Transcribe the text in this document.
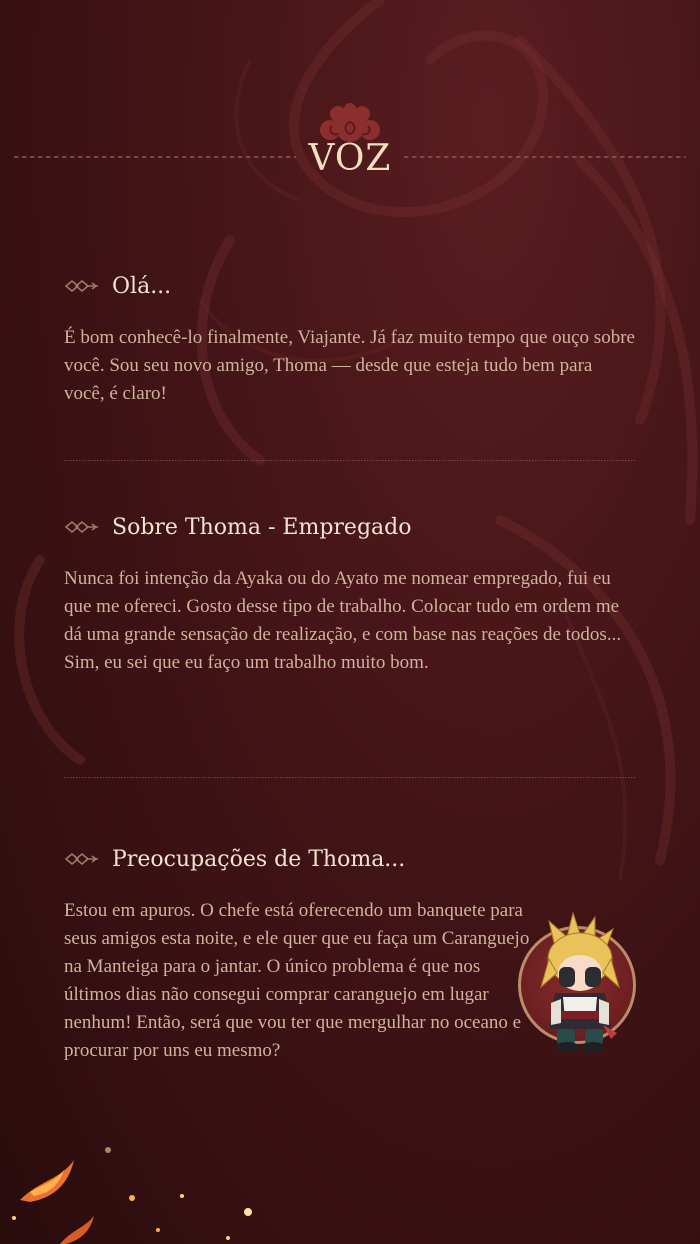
VOZ
Olá...

É bom conhecê-lo finalmente, Viajante. Já faz muito tempo que ouço sobre você. Sou seu novo amigo, Thoma — desde que esteja tudo bem para você, é claro!

Sobre Thoma - Empregado

Nunca foi intenção da Ayaka ou do Ayato me nomear empregado, fui eu que me ofereci. Gosto desse tipo de trabalho. Colocar tudo em ordem me dá uma grande sensação de realização, e com base nas reações de todos... Sim, eu sei que eu faço um trabalho muito bom.

Preocupações de Thoma...

Estou em apuros. O chefe está oferecendo um banquete para seus amigos esta noite, e ele quer que eu faça um Caranguejo na Manteiga para o jantar. O único problema é que nos últimos dias não consegui comprar caranguejo em lugar nenhum! Então, será que vou ter que mergulhar no oceano e procurar por uns eu mesmo?
